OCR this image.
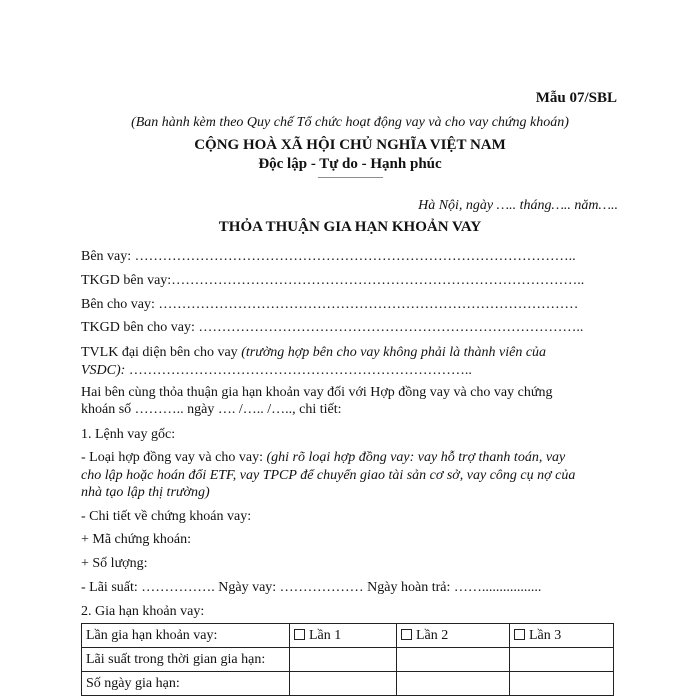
Mẫu 07/SBL
(Ban hành kèm theo Quy chế Tổ chức hoạt động vay và cho vay chứng khoán)
CỘNG HOÀ XÃ HỘI CHỦ NGHĨA VIỆT NAM
Độc lập - Tự do - Hạnh phúc
————————
Hà Nội, ngày ….. tháng….. năm…..
THỎA THUẬN GIA HẠN KHOẢN VAY
Bên vay: …………………………………………………………………………………..
TKGD bên vay:……………………………………………………………………………..
Bên cho vay: ………………………………………………………………………………
TKGD bên cho vay: ………………………………………………………………………..
TVLK đại diện bên cho vay (trường hợp bên cho vay không phải là thành viên của
VSDC): ………………………………………………………………..
Hai bên cùng thỏa thuận gia hạn khoản vay đối với Hợp đồng vay và cho vay chứng
khoán số ……….. ngày …. /….. /….., chi tiết:
1. Lệnh vay gốc:
- Loại hợp đồng vay và cho vay: (ghi rõ loại hợp đồng vay: vay hỗ trợ thanh toán, vay
cho lập hoặc hoán đổi ETF, vay TPCP để chuyển giao tài sản cơ sở, vay công cụ nợ của
nhà tạo lập thị trường)
- Chi tiết về chứng khoán vay:
+ Mã chứng khoán:
+ Số lượng:
- Lãi suất: ……………. Ngày vay: ……………… Ngày hoàn trả: …….................
2. Gia hạn khoản vay:
Lần gia hạn khoản vay:	Lần 1	Lần 2	Lần 3
Lãi suất trong thời gian gia hạn:			
Số ngày gia hạn:			
